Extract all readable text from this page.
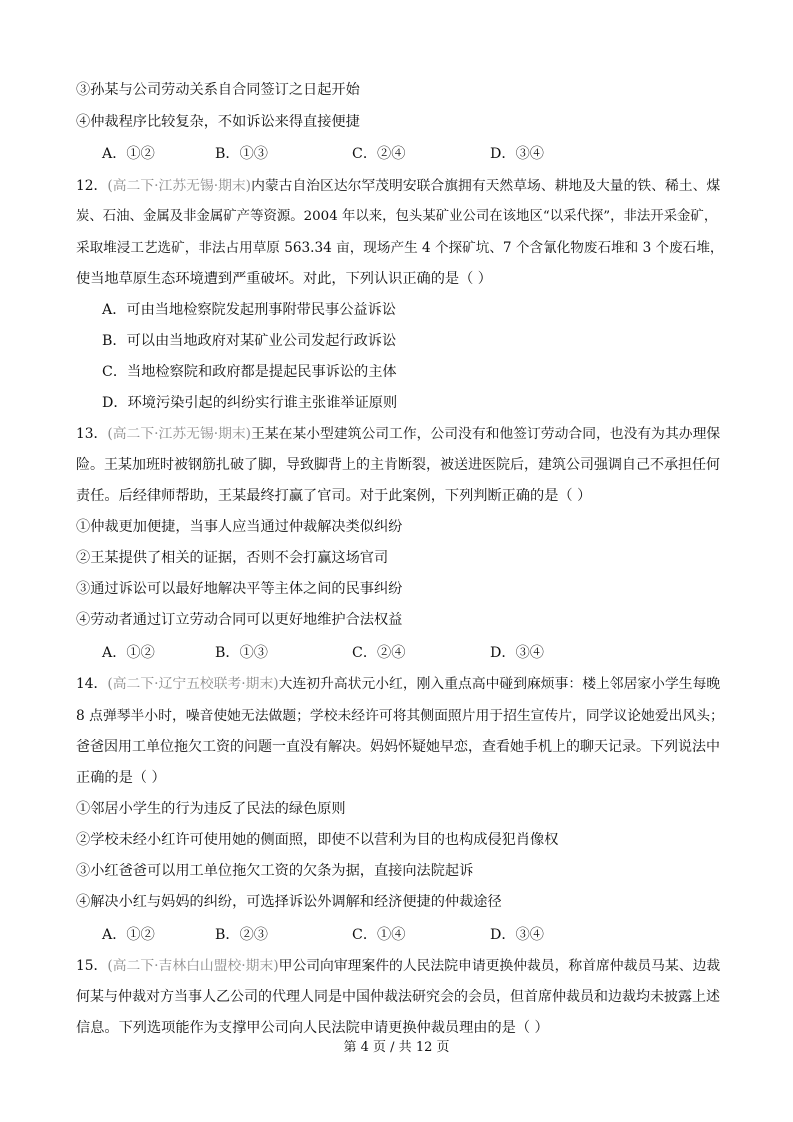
③孙某与公司劳动关系自合同签订之日起开始
④仲裁程序比较复杂，不如诉讼来得直接便捷
A．①②	B．①③	C．②④	D．③④
12．(高二下·江苏无锡·期末)内蒙古自治区达尔罕茂明安联合旗拥有天然草场、耕地及大量的铁、稀土、煤
炭、石油、金属及非金属矿产等资源。2004 年以来，包头某矿业公司在该地区“以采代探”，非法开采金矿，
采取堆浸工艺选矿，非法占用草原 563.34 亩，现场产生 4 个探矿坑、7 个含氰化物废石堆和 3 个废石堆，
使当地草原生态环境遭到严重破坏。对此，下列认识正确的是（ ）
A．可由当地检察院发起刑事附带民事公益诉讼
B．可以由当地政府对某矿业公司发起行政诉讼
C．当地检察院和政府都是提起民事诉讼的主体
D．环境污染引起的纠纷实行谁主张谁举证原则
13．(高二下·江苏无锡·期末)王某在某小型建筑公司工作，公司没有和他签订劳动合同，也没有为其办理保
险。王某加班时被钢筋扎破了脚，导致脚背上的主肯断裂，被送进医院后，建筑公司强调自己不承担任何
责任。后经律师帮助，王某最终打赢了官司。对于此案例，下列判断正确的是（ ）
①仲裁更加便捷，当事人应当通过仲裁解决类似纠纷
②王某提供了相关的证据，否则不会打赢这场官司
③通过诉讼可以最好地解决平等主体之间的民事纠纷
④劳动者通过订立劳动合同可以更好地维护合法权益
A．①②	B．①③	C．②④	D．③④
14．(高二下·辽宁五校联考·期末)大连初升高状元小红，刚入重点高中碰到麻烦事：楼上邻居家小学生每晚
8 点弹琴半小时，噪音使她无法做题；学校未经许可将其侧面照片用于招生宣传片，同学议论她爱出风头；
爸爸因用工单位拖欠工资的问题一直没有解决。妈妈怀疑她早恋，查看她手机上的聊天记录。下列说法中
正确的是（ ）
①邻居小学生的行为违反了民法的绿色原则
②学校未经小红许可使用她的侧面照，即使不以营利为目的也构成侵犯肖像权
③小红爸爸可以用工单位拖欠工资的欠条为据，直接向法院起诉
④解决小红与妈妈的纠纷，可选择诉讼外调解和经济便捷的仲裁途径
A．①②	B．②③	C．①④	D．③④
15．(高二下·吉林白山盟校·期末)甲公司向审理案件的人民法院申请更换仲裁员，称首席仲裁员马某、边裁
何某与仲裁对方当事人乙公司的代理人同是中国仲裁法研究会的会员，但首席仲裁员和边裁均未披露上述
信息。下列选项能作为支撑甲公司向人民法院申请更换仲裁员理由的是（ ）
第 4 页 / 共 12 页
